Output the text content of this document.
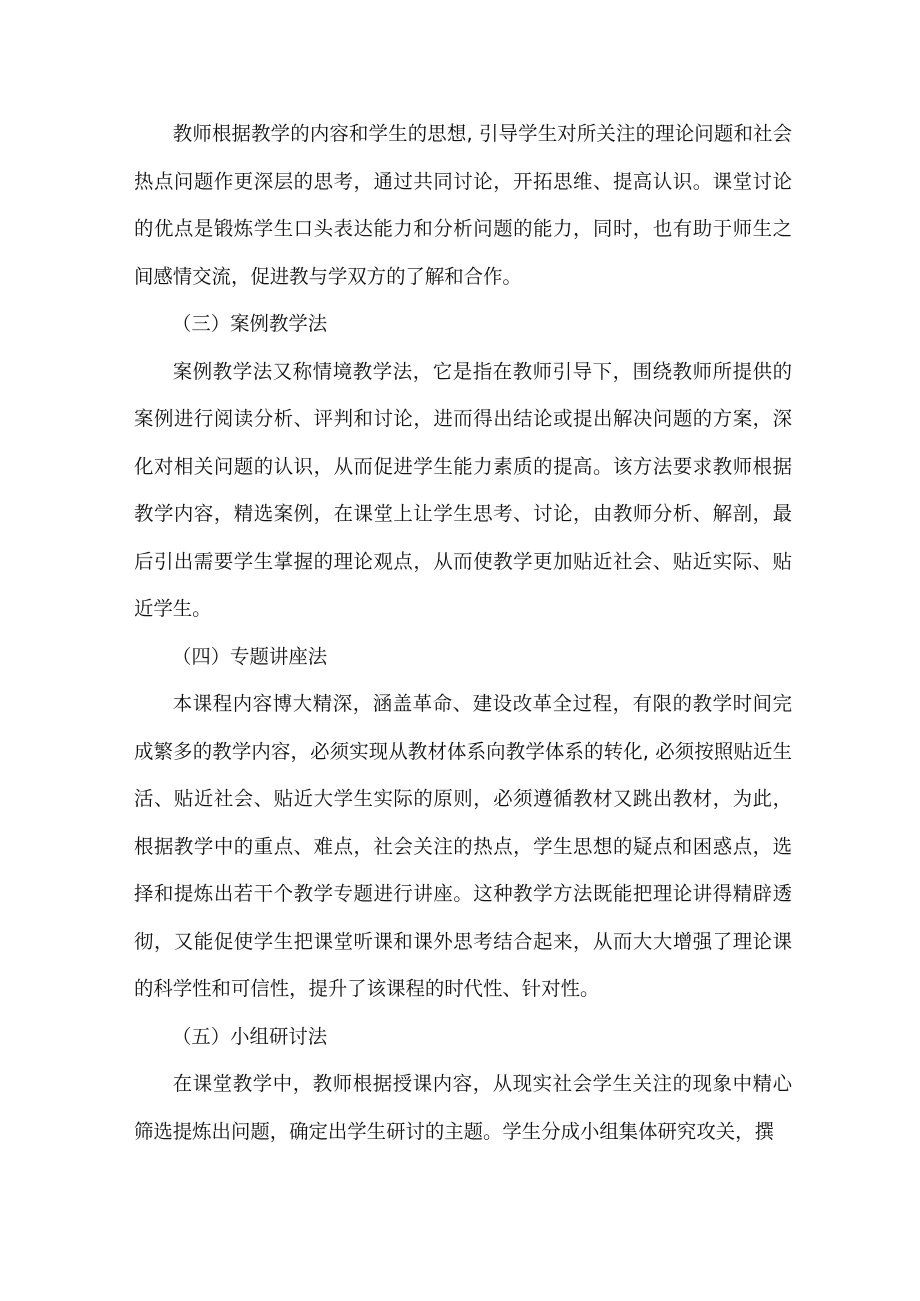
教师根据教学的内容和学生的思想, 引导学生对所关注的理论问题和社会热点问题作更深层的思考，通过共同讨论，开拓思维、提高认识。课堂讨论的优点是锻炼学生口头表达能力和分析问题的能力，同时，也有助于师生之间感情交流，促进教与学双方的了解和合作。

（三）案例教学法

案例教学法又称情境教学法，它是指在教师引导下，围绕教师所提供的案例进行阅读分析、评判和讨论，进而得出结论或提出解决问题的方案，深化对相关问题的认识，从而促进学生能力素质的提高。该方法要求教师根据教学内容，精选案例，在课堂上让学生思考、讨论，由教师分析、解剖，最后引出需要学生掌握的理论观点，从而使教学更加贴近社会、贴近实际、贴近学生。

（四）专题讲座法

本课程内容博大精深，涵盖革命、建设改革全过程，有限的教学时间完成繁多的教学内容，必须实现从教材体系向教学体系的转化, 必须按照贴近生活、贴近社会、贴近大学生实际的原则，必须遵循教材又跳出教材，为此，根据教学中的重点、难点，社会关注的热点，学生思想的疑点和困惑点，选择和提炼出若干个教学专题进行讲座。这种教学方法既能把理论讲得精辟透彻，又能促使学生把课堂听课和课外思考结合起来，从而大大增强了理论课的科学性和可信性，提升了该课程的时代性、针对性。

（五）小组研讨法

在课堂教学中，教师根据授课内容，从现实社会学生关注的现象中精心筛选提炼出问题，确定出学生研讨的主题。学生分成小组集体研究攻关，撰
